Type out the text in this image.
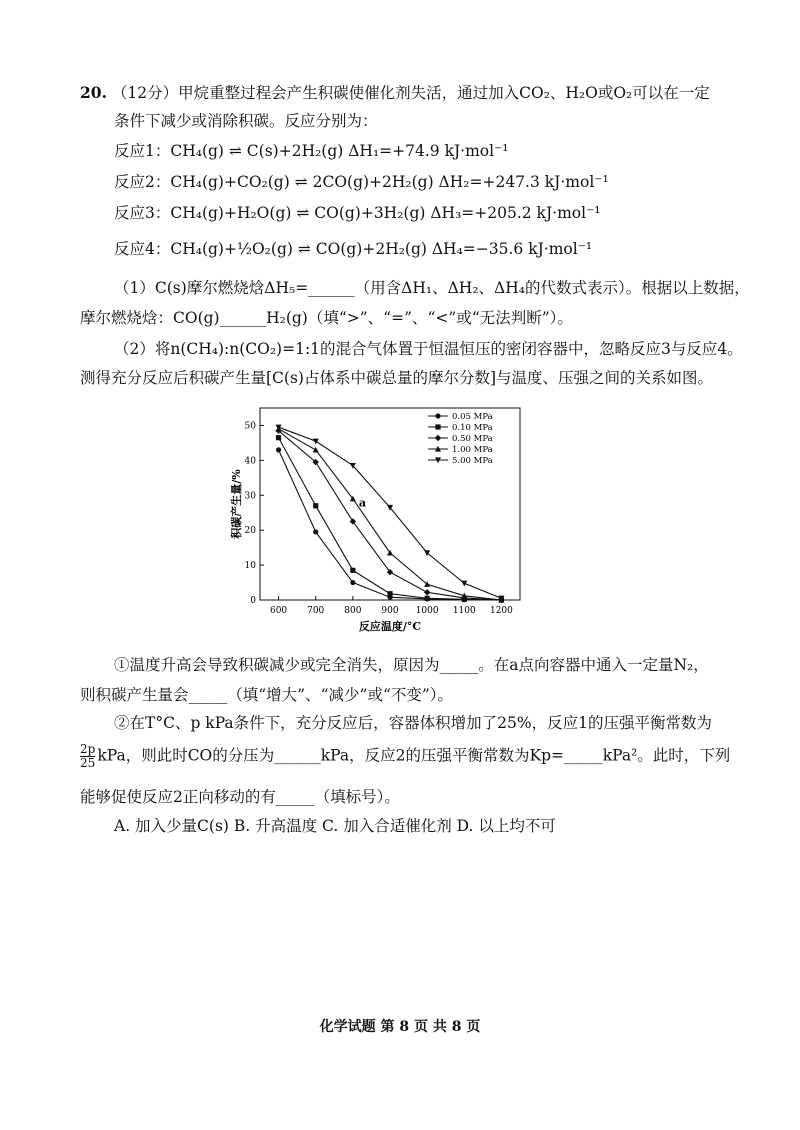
20. （12分）甲烷重整过程会产生积碳使催化剂失活，通过加入CO₂、H₂O或O₂可以在一定
条件下减少或消除积碳。反应分别为：
反应1：CH₄(g) ⇌ C(s)+2H₂(g) ΔH₁=+74.9 kJ·mol⁻¹
反应2：CH₄(g)+CO₂(g) ⇌ 2CO(g)+2H₂(g) ΔH₂=+247.3 kJ·mol⁻¹
反应3：CH₄(g)+H₂O(g) ⇌ CO(g)+3H₂(g) ΔH₃=+205.2 kJ·mol⁻¹
反应4：CH₄(g)+½O₂(g) ⇌ CO(g)+2H₂(g) ΔH₄=−35.6 kJ·mol⁻¹
（1）C(s)摩尔燃烧焓ΔH₅=______（用含ΔH₁、ΔH₂、ΔH₄的代数式表示）。根据以上数据，
摩尔燃烧焓：CO(g)______H₂(g)（填“>”、“=”、“<”或“无法判断”）。
（2）将n(CH₄):n(CO₂)=1:1的混合气体置于恒温恒压的密闭容器中，忽略反应3与反应4。
测得充分反应后积碳产生量[C(s)占体系中碳总量的摩尔分数]与温度、压强之间的关系如图。
600 700 800 900 1000 1100 1200
0
10
20
30
40
50
反应温度/°C
积碳产生量/%
0.05 MPa
0.10 MPa
0.50 MPa
1.00 MPa
5.00 MPa
a
①温度升高会导致积碳减少或完全消失，原因为_____。在a点向容器中通入一定量N₂，
则积碳产生量会_____（填“增大”、“减少”或“不变”）。
②在T°C、p kPa条件下，充分反应后，容器体积增加了25%，反应1的压强平衡常数为
$\frac{2p}{25}$ kPa，则此时CO的分压为______kPa，反应2的压强平衡常数为Kp=_____kPa²。此时，下列
能够促使反应2正向移动的有_____（填标号）。
A. 加入少量C(s) B. 升高温度 C. 加入合适催化剂 D. 以上均不可
化学试题 第 8 页 共 8 页
